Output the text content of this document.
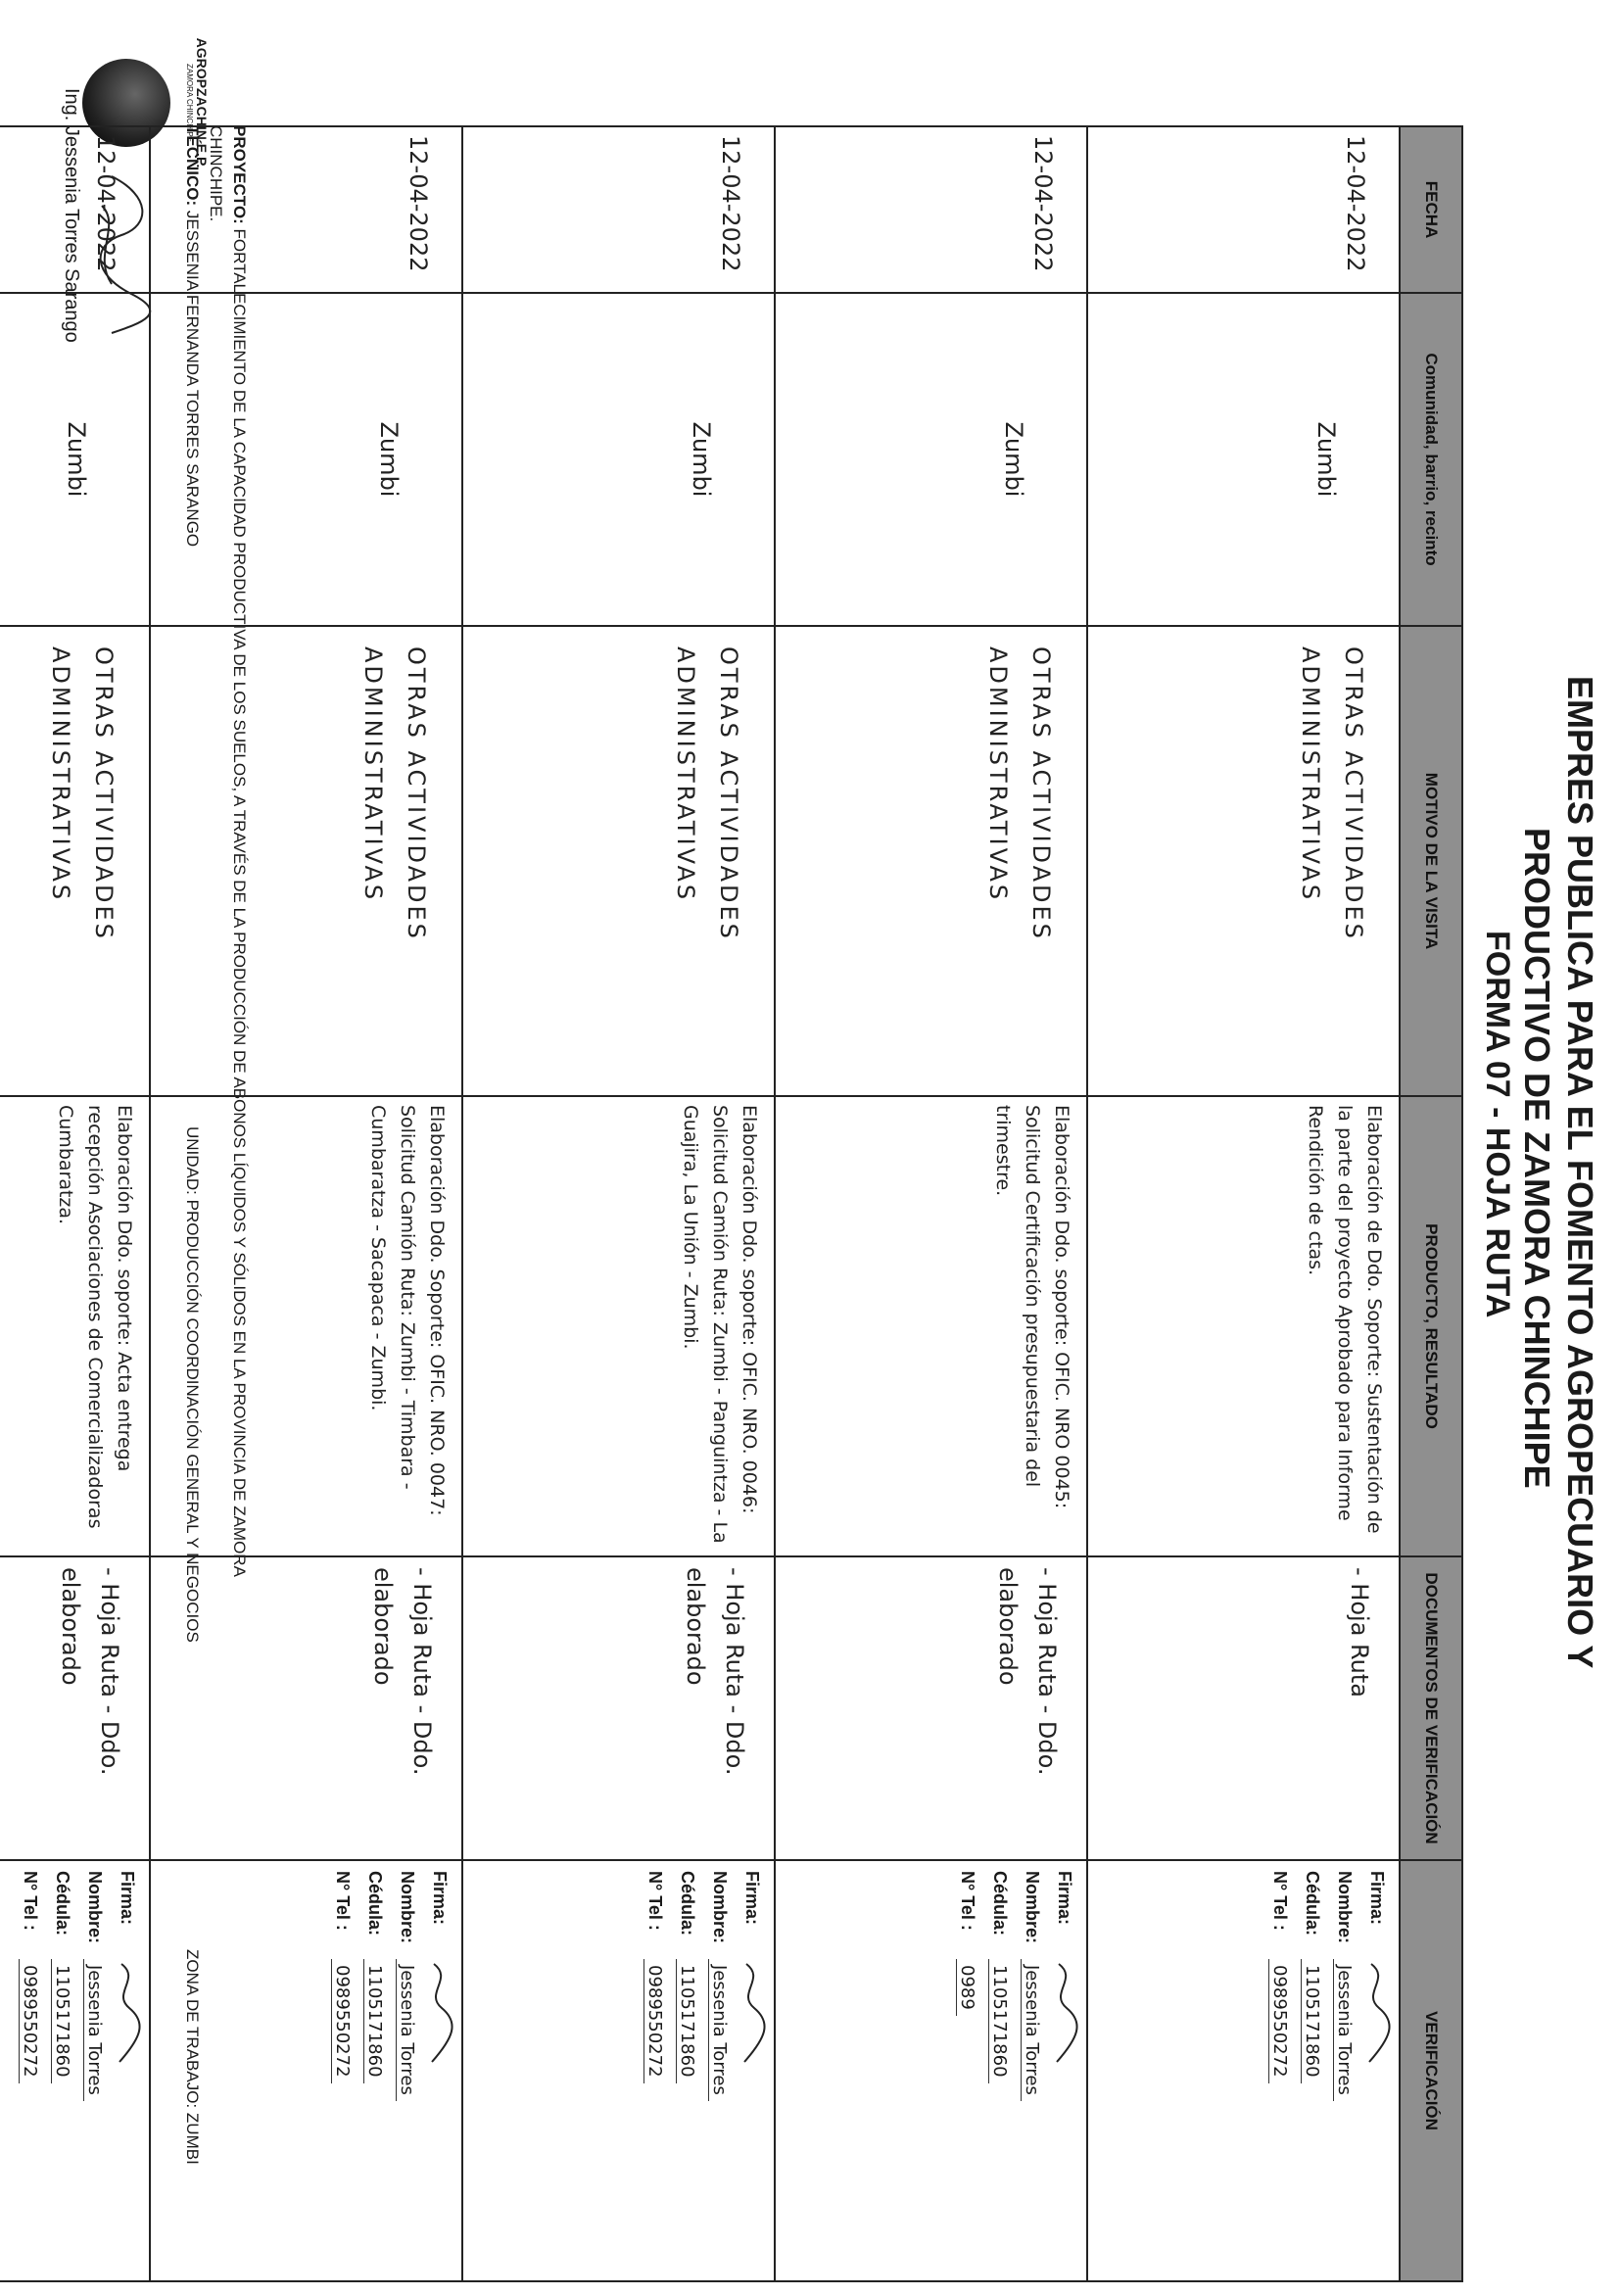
AGROPZACHIN E.P.
ZAMORA CHINCHIPE
EMPRES PUBLICA PARA EL FOMENTO AGROPECUARIO Y
PRODUCTIVO DE ZAMORA CHINCHIPE
FORMA 07 - HOJA RUTA
PROYECTO: FORTALECIMIENTO DE LA CAPACIDAD PRODUCTIVA DE LOS SUELOS, A TRAVÉS DE LA PRODUCCIÓN DE ABONOS LÍQUIDOS Y SÓLIDOS EN LA PROVINCIA DE ZAMORA
CHINCHIPE.
TÉCNICO: JESSENIA FERNANDA TORRES SARANGO
UNIDAD: PRODUCCIÓN COORDINACIÓN GENERAL Y NEGOCIOS
ZONA DE TRABAJO: ZUMBI
FECHA	Comunidad, barrio, recinto	MOTIVO DE LA VISITA	PRODUCTO, RESULTADO	DOCUMENTOS DE VERIFICACIÓN	VERIFICACIÓN
12-04-2022	Zumbi	OTRAS ACTIVIDADES ADMINISTRATIVAS	Elaboración de Ddo. Soporte: Sustentación de la parte del proyecto Aprobado para Informe Rendición de ctas.	- Hoja Ruta	Firma:
Nombre:Jessenia Torres
Cédula:1105171860
N° Tel :0989550272

12-04-2022	Zumbi	OTRAS ACTIVIDADES ADMINISTRATIVAS	Elaboración Ddo. soporte: OFIC. NRO 0045: Solicitud Certificación presupuestaria del trimestre.	- Hoja Ruta - Ddo. elaborado	Firma:
Nombre:Jessenia Torres
Cédula:1105171860
N° Tel :0989

12-04-2022	Zumbi	OTRAS ACTIVIDADES ADMINISTRATIVAS	Elaboración Ddo. soporte: OFIC. NRO. 0046: Solicitud Camión Ruta: Zumbi - Panguintza - La Guajira, La Unión - Zumbi.	- Hoja Ruta - Ddo. elaborado	Firma:
Nombre:Jessenia Torres
Cédula:1105171860
N° Tel :0989550272

12-04-2022	Zumbi	OTRAS ACTIVIDADES ADMINISTRATIVAS	Elaboración Ddo. Soporte: OFIC. NRO. 0047: Solicitud Camión Ruta: Zumbi - Timbara - Cumbaratza - Sacapaca - Zumbi.	- Hoja Ruta - Ddo. elaborado	Firma:
Nombre:Jessenia Torres
Cédula:1105171860
N° Tel :0989550272

12-04-2022	Zumbi	OTRAS ACTIVIDADES ADMINISTRATIVAS	Elaboración Ddo. soporte: Acta entrega recepción Asociaciones de Comercializadoras Cumbaratza.	- Hoja Ruta - Ddo. elaborado	Firma:
Nombre:Jessenia Torres
Cédula:1105171860
N° Tel :0989550272
Ing. Jessenia Torres Sarango
